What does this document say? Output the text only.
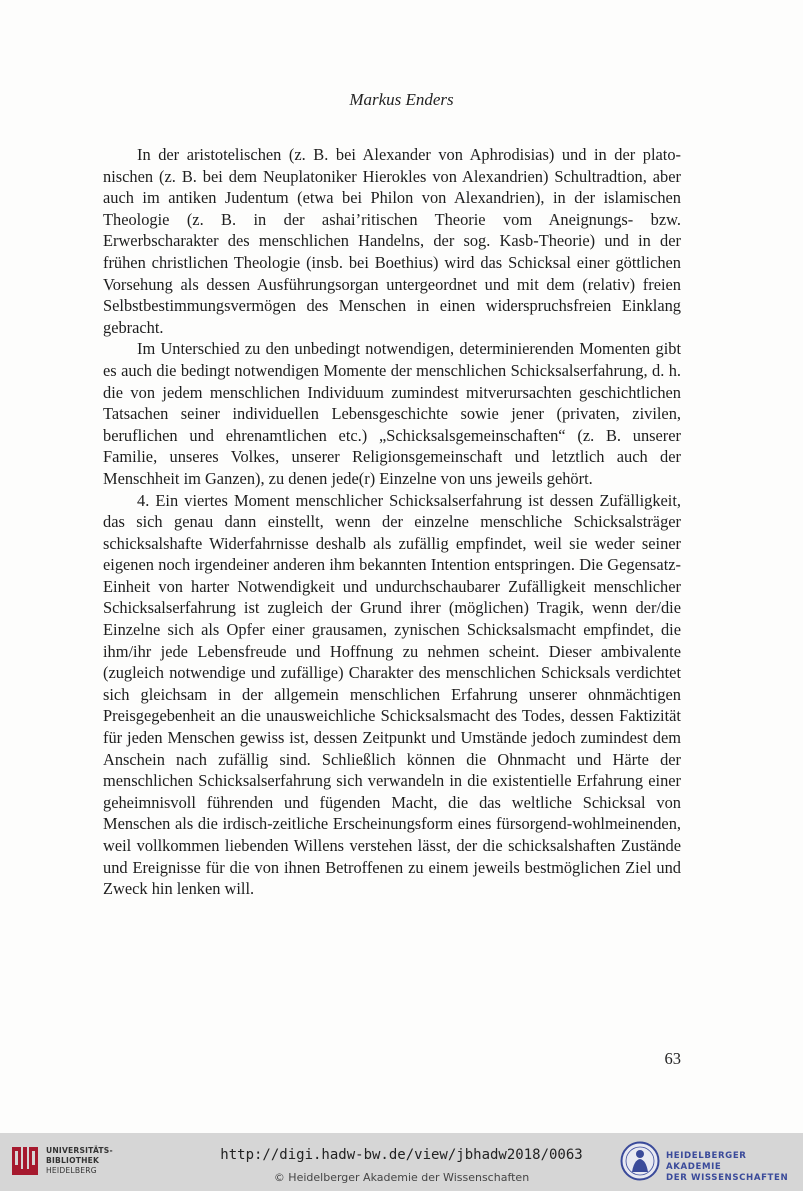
Markus Enders

In der aristotelischen (z. B. bei Alexander von Aphrodisias) und in der platonischen (z. B. bei dem Neuplatoniker Hierokles von Alexandrien) Schultradtion, aber auch im antiken Judentum (etwa bei Philon von Alexandrien), in der islamischen Theologie (z. B. in der ashai’ritischen Theorie vom Aneignungs- bzw. Erwerbscharakter des menschlichen Handelns, der sog. Kasb-Theorie) und in der frühen christlichen Theologie (insb. bei Boethius) wird das Schicksal einer göttlichen Vorsehung als dessen Ausführungsorgan untergeordnet und mit dem (relativ) freien Selbstbestimmungsvermögen des Menschen in einen widerspruchsfreien Einklang gebracht.

Im Unterschied zu den unbedingt notwendigen, determinierenden Momenten gibt es auch die bedingt notwendigen Momente der menschlichen Schicksalserfahrung, d. h. die von jedem menschlichen Individuum zumindest mitverursachten geschichtlichen Tatsachen seiner individuellen Lebensgeschichte sowie jener (privaten, zivilen, beruflichen und ehrenamtlichen etc.) „Schicksalsgemeinschaften“ (z. B. unserer Familie, unseres Volkes, unserer Religionsgemeinschaft und letztlich auch der Menschheit im Ganzen), zu denen jede(r) Einzelne von uns jeweils gehört.

4. Ein viertes Moment menschlicher Schicksalserfahrung ist dessen Zufälligkeit, das sich genau dann einstellt, wenn der einzelne menschliche Schicksalsträger schicksalshafte Widerfahrnisse deshalb als zufällig empfindet, weil sie weder seiner eigenen noch irgendeiner anderen ihm bekannten Intention entspringen. Die Gegensatz-Einheit von harter Notwendigkeit und undurchschaubarer Zufälligkeit menschlicher Schicksalserfahrung ist zugleich der Grund ihrer (möglichen) Tragik, wenn der/die Einzelne sich als Opfer einer grausamen, zynischen Schicksalsmacht empfindet, die ihm/ihr jede Lebensfreude und Hoffnung zu nehmen scheint. Dieser ambivalente (zugleich notwendige und zufällige) Charakter des menschlichen Schicksals verdichtet sich gleichsam in der allgemein menschlichen Erfahrung unserer ohnmächtigen Preisgegebenheit an die unausweichliche Schicksalsmacht des Todes, dessen Faktizität für jeden Menschen gewiss ist, dessen Zeitpunkt und Umstände jedoch zumindest dem Anschein nach zufällig sind. Schließlich können die Ohnmacht und Härte der menschlichen Schicksalserfahrung sich verwandeln in die existentielle Erfahrung einer geheimnisvoll führenden und fügenden Macht, die das weltliche Schicksal von Menschen als die irdisch-zeitliche Erscheinungsform eines fürsorgend-wohlmeinenden, weil vollkommen liebenden Willens verstehen lässt, der die schicksalshaften Zustände und Ereignisse für die von ihnen Betroffenen zu einem jeweils bestmöglichen Ziel und Zweck hin lenken will.

63
UNIVERSITÄTS-
BIBLIOTHEK
HEIDELBERG
http://digi.hadw-bw.de/view/jbhadw2018/0063
© Heidelberger Akademie der Wissenschaften
HEIDELBERGER AKADEMIE
DER WISSENSCHAFTEN
